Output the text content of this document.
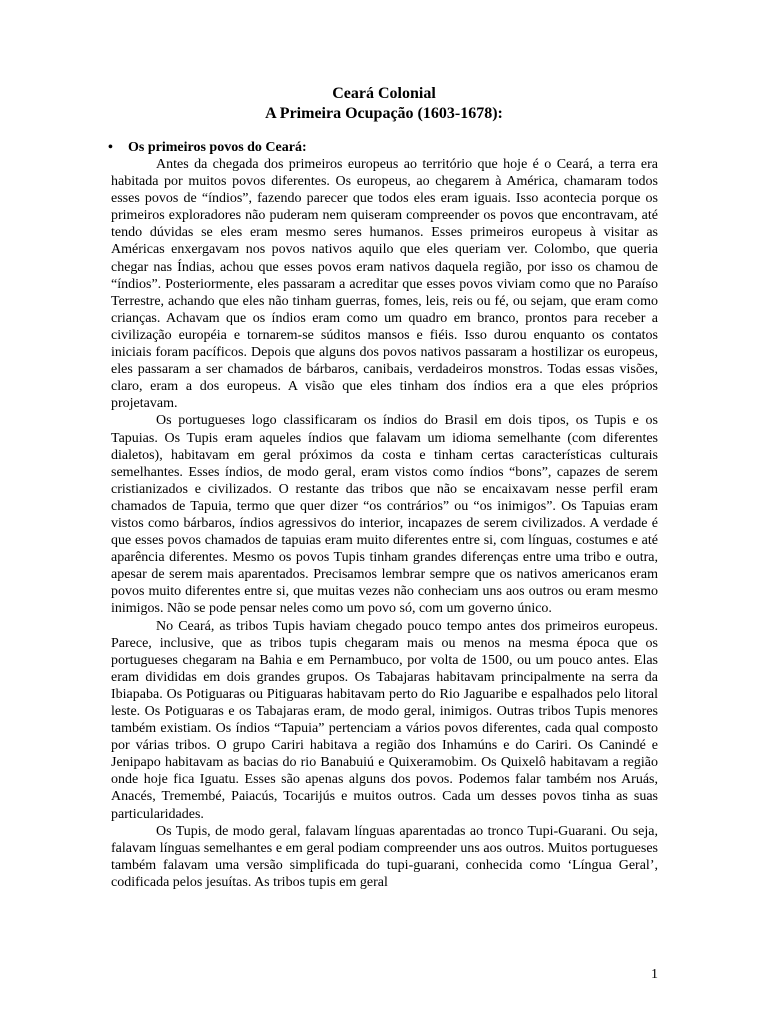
Ceará Colonial
A Primeira Ocupação (1603-1678):
• Os primeiros povos do Ceará:

Antes da chegada dos primeiros europeus ao território que hoje é o Ceará, a terra era habitada por muitos povos diferentes. Os europeus, ao chegarem à América, chamaram todos esses povos de “índios”, fazendo parecer que todos eles eram iguais. Isso acontecia porque os primeiros exploradores não puderam nem quiseram compreender os povos que encontravam, até tendo dúvidas se eles eram mesmo seres humanos. Esses primeiros europeus à visitar as Américas enxergavam nos povos nativos aquilo que eles queriam ver. Colombo, que queria chegar nas Índias, achou que esses povos eram nativos daquela região, por isso os chamou de “índios”. Posteriormente, eles passaram a acreditar que esses povos viviam como que no Paraíso Terrestre, achando que eles não tinham guerras, fomes, leis, reis ou fé, ou sejam, que eram como crianças. Achavam que os índios eram como um quadro em branco, prontos para receber a civilização européia e tornarem-se súditos mansos e fiéis. Isso durou enquanto os contatos iniciais foram pacíficos. Depois que alguns dos povos nativos passaram a hostilizar os europeus, eles passaram a ser chamados de bárbaros, canibais, verdadeiros monstros. Todas essas visões, claro, eram a dos europeus. A visão que eles tinham dos índios era a que eles próprios projetavam.

Os portugueses logo classificaram os índios do Brasil em dois tipos, os Tupis e os Tapuias. Os Tupis eram aqueles índios que falavam um idioma semelhante (com diferentes dialetos), habitavam em geral próximos da costa e tinham certas características culturais semelhantes. Esses índios, de modo geral, eram vistos como índios “bons”, capazes de serem cristianizados e civilizados. O restante das tribos que não se encaixavam nesse perfil eram chamados de Tapuia, termo que quer dizer “os contrários” ou “os inimigos”. Os Tapuias eram vistos como bárbaros, índios agressivos do interior, incapazes de serem civilizados. A verdade é que esses povos chamados de tapuias eram muito diferentes entre si, com línguas, costumes e até aparência diferentes. Mesmo os povos Tupis tinham grandes diferenças entre uma tribo e outra, apesar de serem mais aparentados. Precisamos lembrar sempre que os nativos americanos eram povos muito diferentes entre si, que muitas vezes não conheciam uns aos outros ou eram mesmo inimigos. Não se pode pensar neles como um povo só, com um governo único.

No Ceará, as tribos Tupis haviam chegado pouco tempo antes dos primeiros europeus. Parece, inclusive, que as tribos tupis chegaram mais ou menos na mesma época que os portugueses chegaram na Bahia e em Pernambuco, por volta de 1500, ou um pouco antes. Elas eram divididas em dois grandes grupos. Os Tabajaras habitavam principalmente na serra da Ibiapaba. Os Potiguaras ou Pitiguaras habitavam perto do Rio Jaguaribe e espalhados pelo litoral leste. Os Potiguaras e os Tabajaras eram, de modo geral, inimigos. Outras tribos Tupis menores também existiam. Os índios “Tapuia” pertenciam a vários povos diferentes, cada qual composto por várias tribos. O grupo Cariri habitava a região dos Inhamúns e do Cariri. Os Canindé e Jenipapo habitavam as bacias do rio Banabuiú e Quixeramobim. Os Quixelô habitavam a região onde hoje fica Iguatu. Esses são apenas alguns dos povos. Podemos falar também nos Aruás, Anacés, Tremembé, Paiacús, Tocarijús e muitos outros. Cada um desses povos tinha as suas particularidades.

Os Tupis, de modo geral, falavam línguas aparentadas ao tronco Tupi-Guarani. Ou seja, falavam línguas semelhantes e em geral podiam compreender uns aos outros. Muitos portugueses também falavam uma versão simplificada do tupi-guarani, conhecida como ‘Língua Geral’, codificada pelos jesuítas. As tribos tupis em geral

1
